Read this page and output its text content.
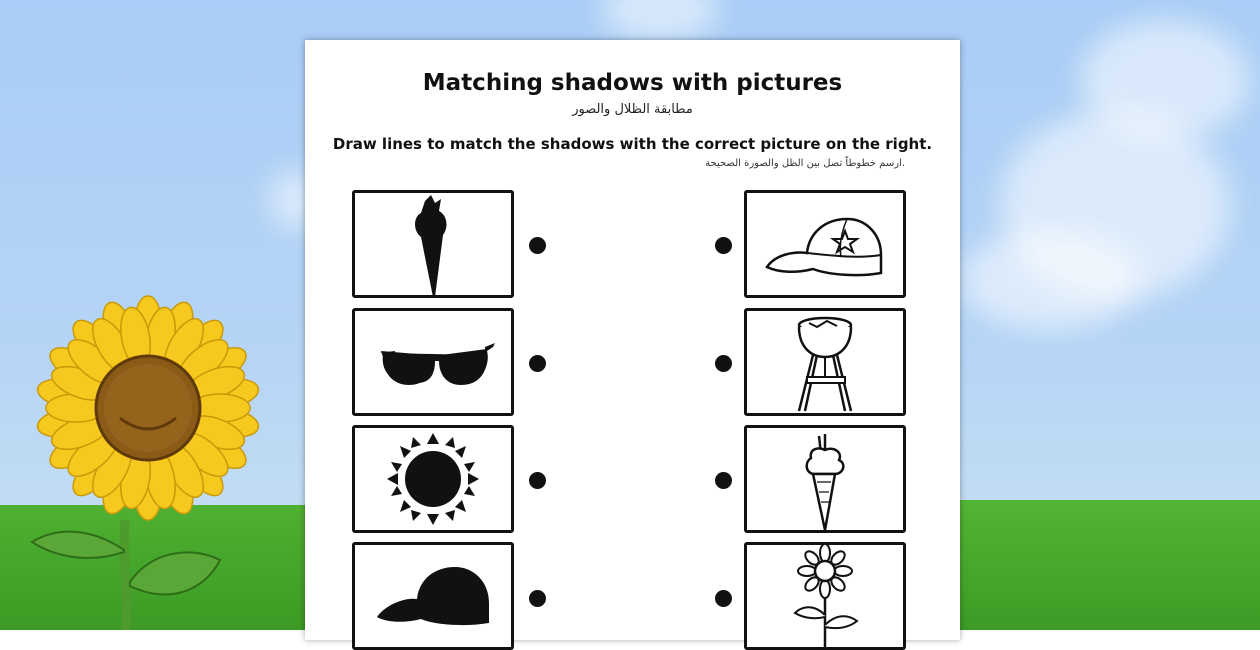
Matching shadows with pictures
مطابقة الظلال والصور
Draw lines to match the shadows with the correct picture on the right.
ارسم خطوطاً تصل بين الظل والصورة الصحيحة.
